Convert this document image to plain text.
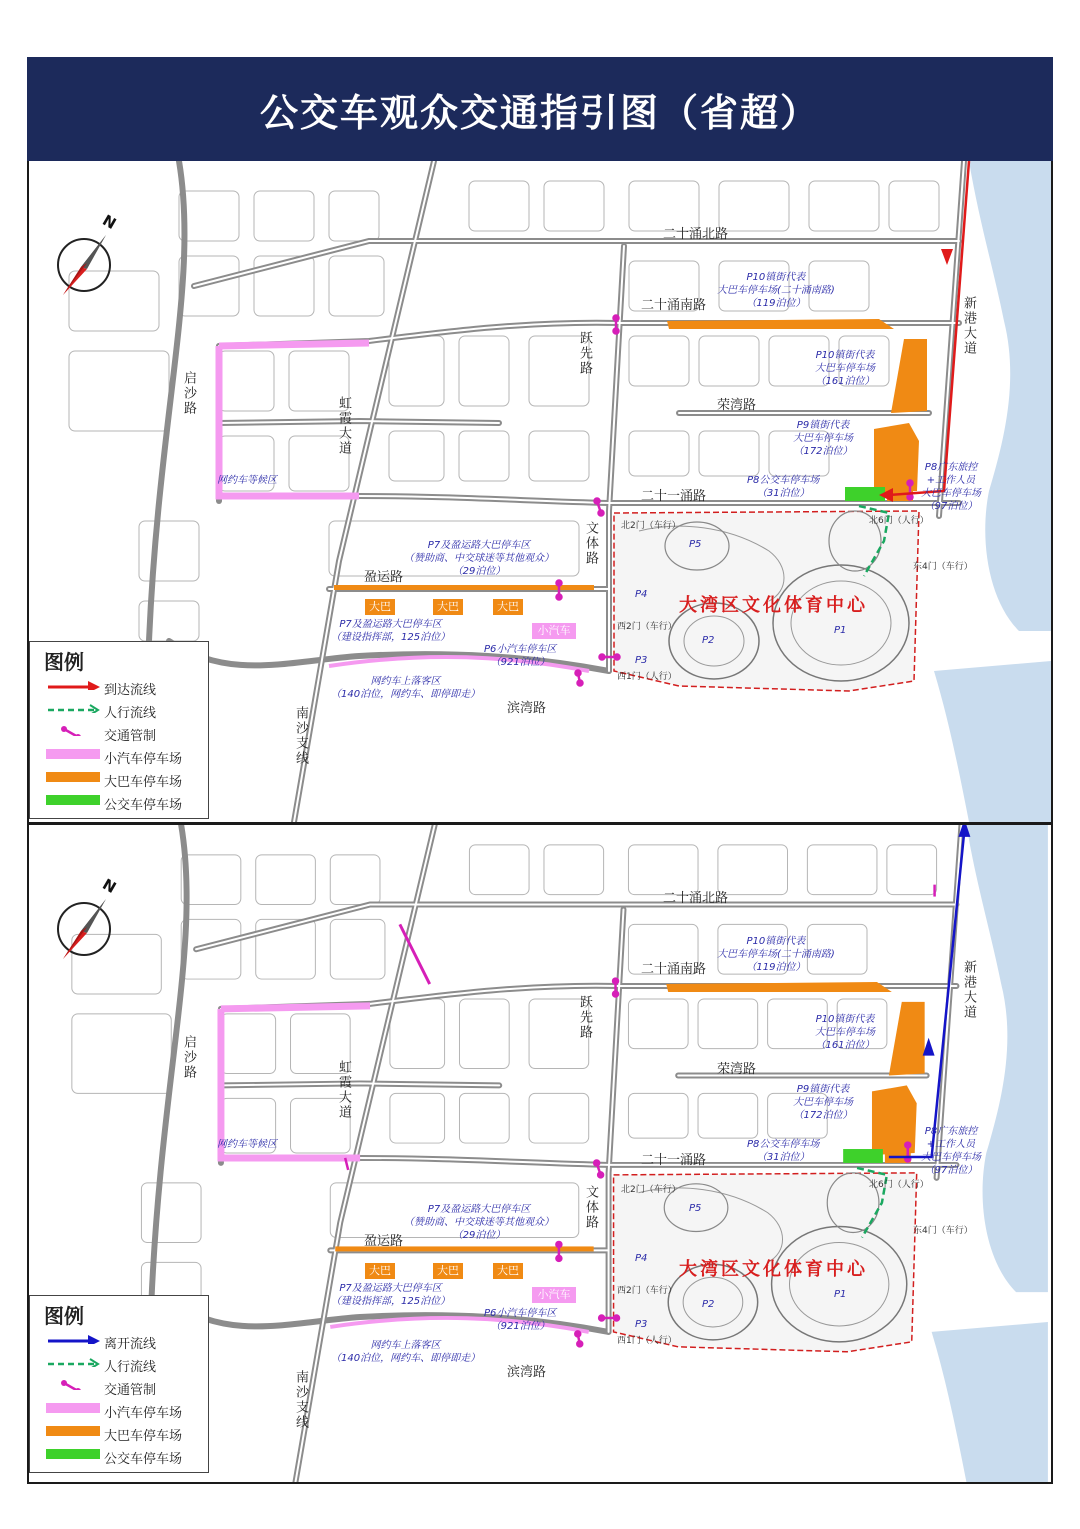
公交车观众交通指引图（省超）
二十涌北路
二十涌南路
荣湾路
二十一涌路
盈运路
滨湾路
启沙路
虹霞大道
跃先路
文体路
新港大道
南沙支线
P10镇街代表
大巴车停车场(二十涌南路)
（119泊位）
P10镇街代表
大巴车停车场
（161泊位）
P9镇街代表
大巴车停车场
（172泊位）
P8公交车停车场
（31泊位）
P8广东旅控
+工作人员
大巴车停车场
（97泊位）
P7及盈运路大巴停车区
（赞助商、中交球迷等其他观众）
（29泊位）
P7及盈运路大巴停车区
（建设指挥部，125泊位）
P6小汽车停车区
（921泊位）
网约车上落客区
（140泊位，网约车、即停即走）
网约车等候区
P5
P4
P2
P1
P3
北2门（车行）	北6门（人行）
东4门（车行）
西2门（车行）
西1门（人行）
大湾区文化体育中心
大巴	大巴	大巴
小汽车
N
图例
到达流线
人行流线
交通管制
小汽车停车场
大巴车停车场
公交车停车场
二十涌北路
二十涌南路
荣湾路
二十一涌路
盈运路
滨湾路
启沙路
虹霞大道
跃先路
文体路
新港大道
南沙支线
P10镇街代表
大巴车停车场(二十涌南路)
（119泊位）
P10镇街代表
大巴车停车场
（161泊位）
P9镇街代表
大巴车停车场
（172泊位）
P8公交车停车场
（31泊位）
P8广东旅控
+工作人员
大巴车停车场
（97泊位）
P7及盈运路大巴停车区
（赞助商、中交球迷等其他观众）
（29泊位）
P7及盈运路大巴停车区
（建设指挥部，125泊位）
P6小汽车停车区
（921泊位）
网约车上落客区
（140泊位，网约车、即停即走）
网约车等候区
P5
P4
P2
P1
P3
北2门（车行）	北6门（人行）
东4门（车行）
西2门（车行）
西1门（人行）
大湾区文化体育中心
大巴	大巴	大巴
小汽车
N
图例
离开流线
人行流线
交通管制
小汽车停车场
大巴车停车场
公交车停车场
